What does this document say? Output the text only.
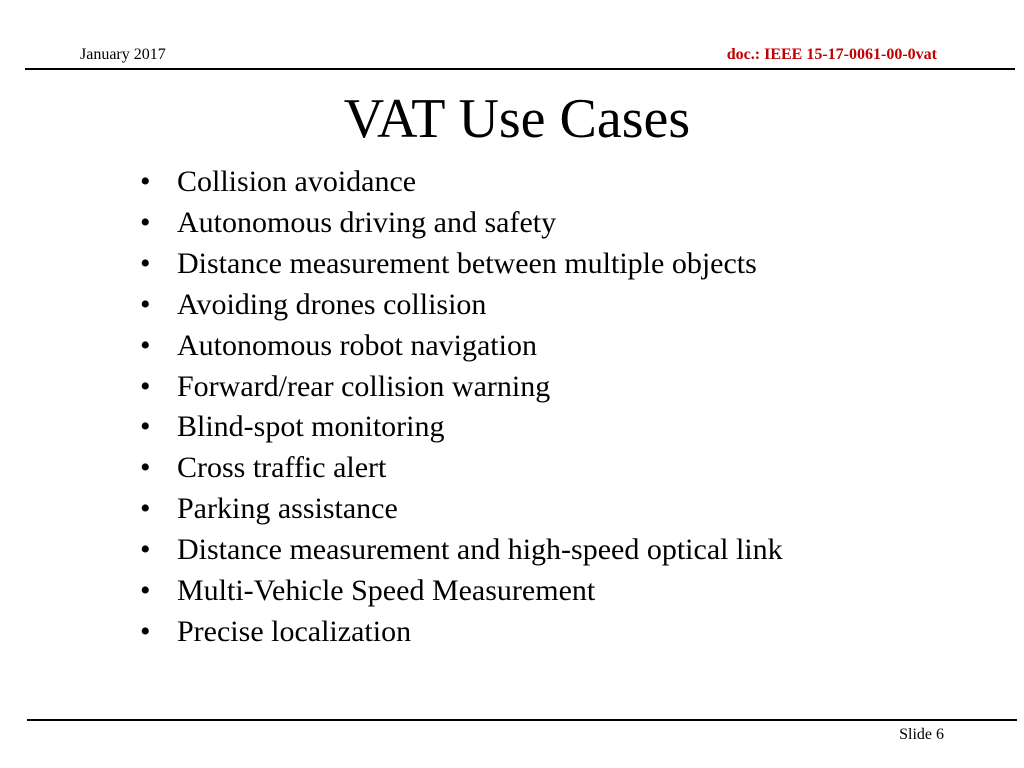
January 2017	doc.: IEEE 15-17-0061-00-0vat
VAT Use Cases
• Collision avoidance
• Autonomous driving and safety
• Distance measurement between multiple objects
• Avoiding drones collision
• Autonomous robot navigation
• Forward/rear collision warning
• Blind-spot monitoring
• Cross traffic alert
• Parking assistance
• Distance measurement and high-speed optical link
• Multi-Vehicle Speed Measurement
• Precise localization
Slide 6
